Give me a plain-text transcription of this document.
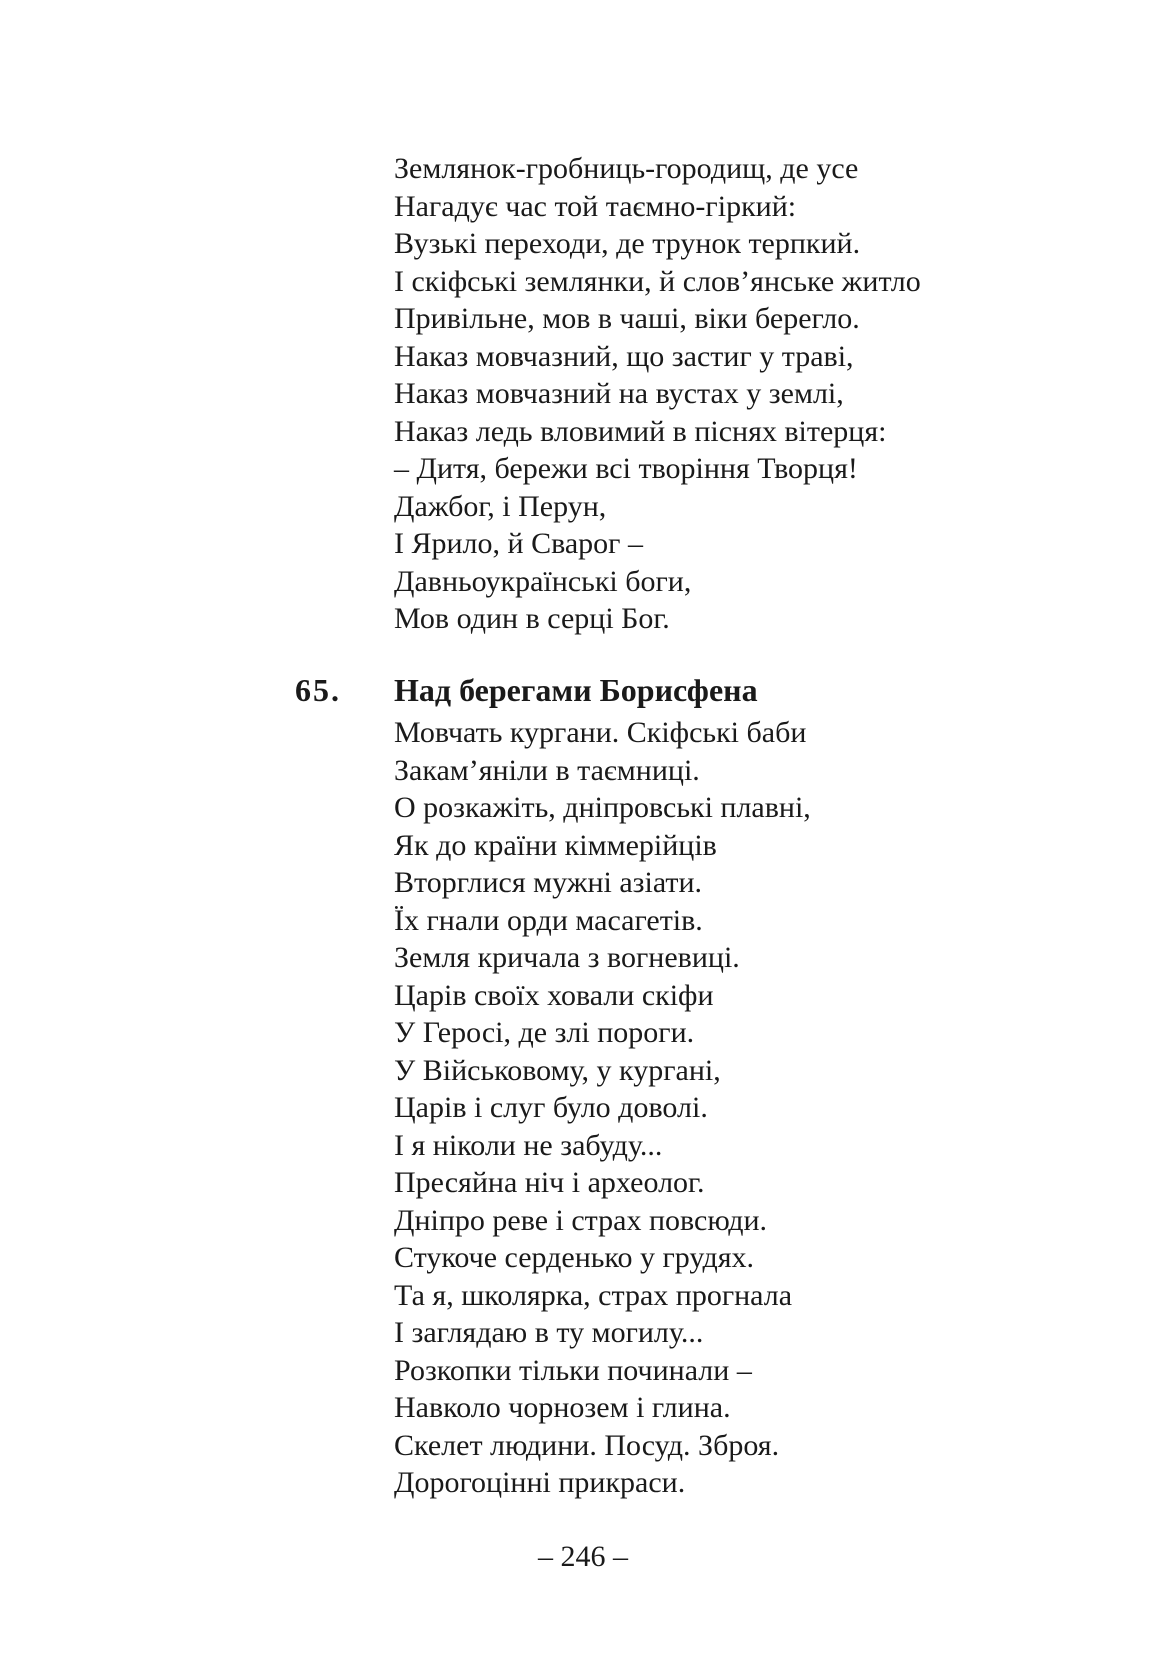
Землянок-гробниць-городищ, де усе
Нагадує час той таємно-гіркий:
Вузькі переходи, де трунок терпкий.
І скіфські землянки, й слов’янське житло
Привільне, мов в чаші, віки берегло.
Наказ мовчазний, що застиг у траві,
Наказ мовчазний на вустах у землі,
Наказ ледь вловимий в піснях вітерця:
– Дитя, бережи всі творіння Творця!
Дажбог, і Перун,
І Ярило, й Сварог –
Давньоукраїнські боги,
Мов один в серці Бог.
65. Над берегами Борисфена
Мовчать кургани. Скіфські баби
Закам’яніли в таємниці.
О розкажіть, дніпровські плавні,
Як до країни кіммерійців
Вторглися мужні азіати.
Їх гнали орди масагетів.
Земля кричала з вогневиці.
Царів своїх ховали скіфи
У Геросі, де злі пороги.
У Військовому, у кургані,
Царів і слуг було доволі.
І я ніколи не забуду...
Пресяйна ніч і археолог.
Дніпро реве і страх повсюди.
Стукоче серденько у грудях.
Та я, школярка, страх прогнала
І заглядаю в ту могилу...
Розкопки тільки починали –
Навколо чорнозем і глина.
Скелет людини. Посуд. Зброя.
Дорогоцінні прикраси.
– 246 –
